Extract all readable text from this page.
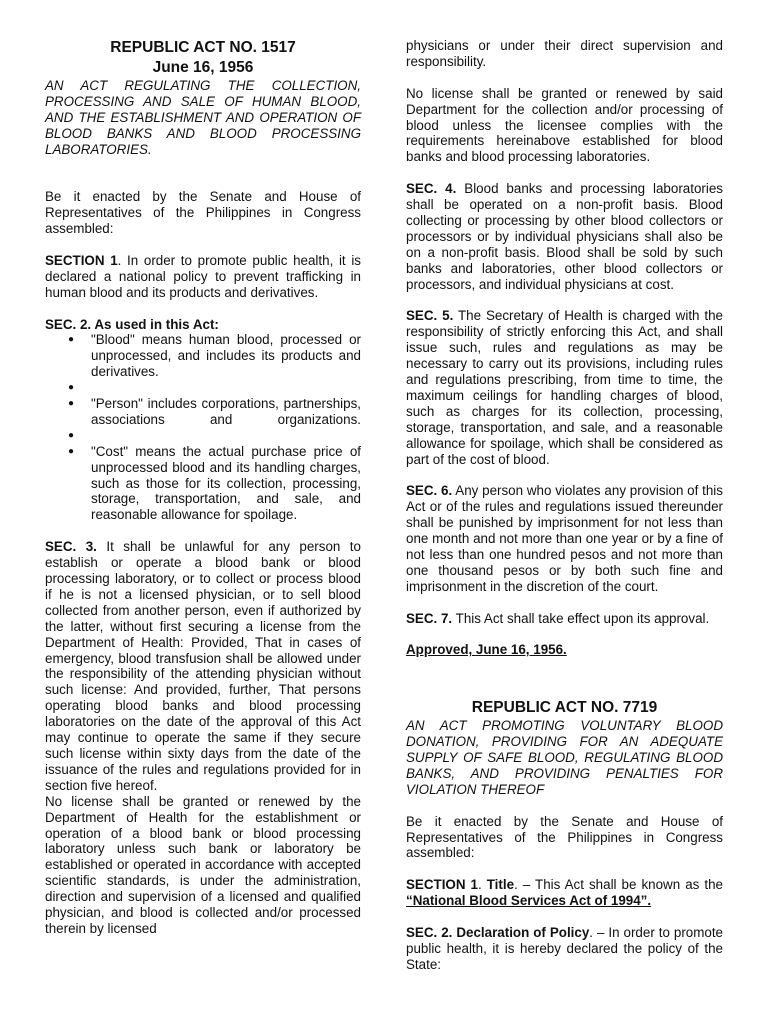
REPUBLIC ACT NO. 1517
June 16, 1956

AN ACT REGULATING THE COLLECTION, PROCESSING AND SALE OF HUMAN BLOOD, AND THE ESTABLISHMENT AND OPERATION OF BLOOD BANKS AND BLOOD PROCESSING LABORATORIES.

Be it enacted by the Senate and House of Representatives of the Philippines in Congress assembled:

SECTION 1. In order to promote public health, it is declared a national policy to prevent trafficking in human blood and its products and derivatives.

SEC. 2. As used in this Act:

● "Blood" means human blood, processed or unprocessed, and includes its products and derivatives.
●
● "Person" includes corporations, partnerships, associations and organizations.
●
● "Cost" means the actual purchase price of unprocessed blood and its handling charges, such as those for its collection, processing, storage, transportation, and sale, and reasonable allowance for spoilage.

SEC. 3. It shall be unlawful for any person to establish or operate a blood bank or blood processing laboratory, or to collect or process blood if he is not a licensed physician, or to sell blood collected from another person, even if authorized by the latter, without first securing a license from the Department of Health: Provided, That in cases of emergency, blood transfusion shall be allowed under the responsibility of the attending physician without such license: And provided, further, That persons operating blood banks and blood processing laboratories on the date of the approval of this Act may continue to operate the same if they secure such license within sixty days from the date of the issuance of the rules and regulations provided for in section five hereof.

No license shall be granted or renewed by the Department of Health for the establishment or operation of a blood bank or blood processing laboratory unless such bank or laboratory be established or operated in accordance with accepted scientific standards, is under the administration, direction and supervision of a licensed and qualified physician, and blood is collected and/or processed therein by licensed

physicians or under their direct supervision and responsibility.

No license shall be granted or renewed by said Department for the collection and/or processing of blood unless the licensee complies with the requirements hereinabove established for blood banks and blood processing laboratories.

SEC. 4. Blood banks and processing laboratories shall be operated on a non-profit basis. Blood collecting or processing by other blood collectors or processors or by individual physicians shall also be on a non-profit basis. Blood shall be sold by such banks and laboratories, other blood collectors or processors, and individual physicians at cost.

SEC. 5. The Secretary of Health is charged with the responsibility of strictly enforcing this Act, and shall issue such, rules and regulations as may be necessary to carry out its provisions, including rules and regulations prescribing, from time to time, the maximum ceilings for handling charges of blood, such as charges for its collection, processing, storage, transportation, and sale, and a reasonable allowance for spoilage, which shall be considered as part of the cost of blood.

SEC. 6. Any person who violates any provision of this Act or of the rules and regulations issued thereunder shall be punished by imprisonment for not less than one month and not more than one year or by a fine of not less than one hundred pesos and not more than one thousand pesos or by both such fine and imprisonment in the discretion of the court.

SEC. 7. This Act shall take effect upon its approval.

Approved, June 16, 1956.

REPUBLIC ACT NO. 7719

AN ACT PROMOTING VOLUNTARY BLOOD DONATION, PROVIDING FOR AN ADEQUATE SUPPLY OF SAFE BLOOD, REGULATING BLOOD BANKS, AND PROVIDING PENALTIES FOR VIOLATION THEREOF

Be it enacted by the Senate and House of Representatives of the Philippines in Congress assembled:

SECTION 1. Title. – This Act shall be known as the “National Blood Services Act of 1994”.

SEC. 2. Declaration of Policy. – In order to promote public health, it is hereby declared the policy of the State:
